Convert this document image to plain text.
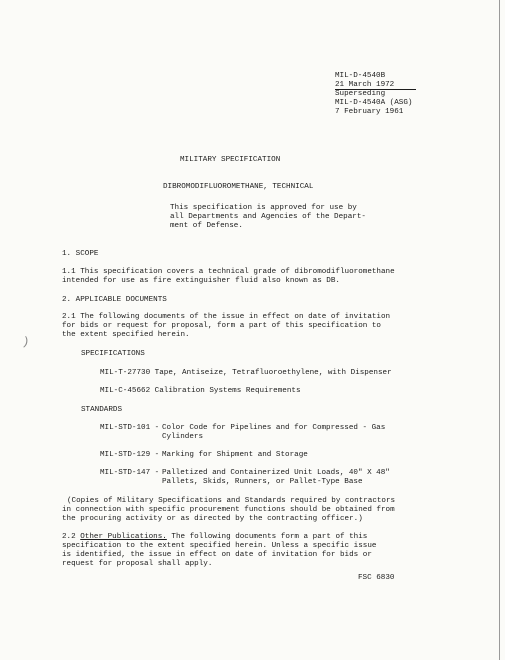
)
MIL-D-4540B
21 March 1972
Superseding
MIL-D-4540A (ASG)
7 February 1961
MILITARY SPECIFICATION
DIBROMODIFLUOROMETHANE, TECHNICAL
This specification is approved for use by
all Departments and Agencies of the Depart-
ment of Defense.
1. SCOPE
1.1 This specification covers a technical grade of dibromodifluoromethane
intended for use as fire extinguisher fluid also known as DB.
2. APPLICABLE DOCUMENTS
2.1 The following documents of the issue in effect on date of invitation
for bids or request for proposal, form a part of this specification to
the extent specified herein.
SPECIFICATIONS
MIL-T-27730 Tape, Antiseize, Tetrafluoroethylene, with Dispenser
MIL-C-45662 Calibration Systems Requirements
STANDARDS
MIL-STD-101 - Color Code for Pipelines and for Compressed - Gas
Cylinders
MIL-STD-129 - Marking for Shipment and Storage
MIL-STD-147 - Palletized and Containerized Unit Loads, 40" X 48"
Pallets, Skids, Runners, or Pallet-Type Base
(Copies of Military Specifications and Standards required by contractors
in connection with specific procurement functions should be obtained from
the procuring activity or as directed by the contracting officer.)
2.2 Other Publications. The following documents form a part of this
specification to the extent specified herein. Unless a specific issue
is identified, the issue in effect on date of invitation for bids or
request for proposal shall apply.
FSC 6830
